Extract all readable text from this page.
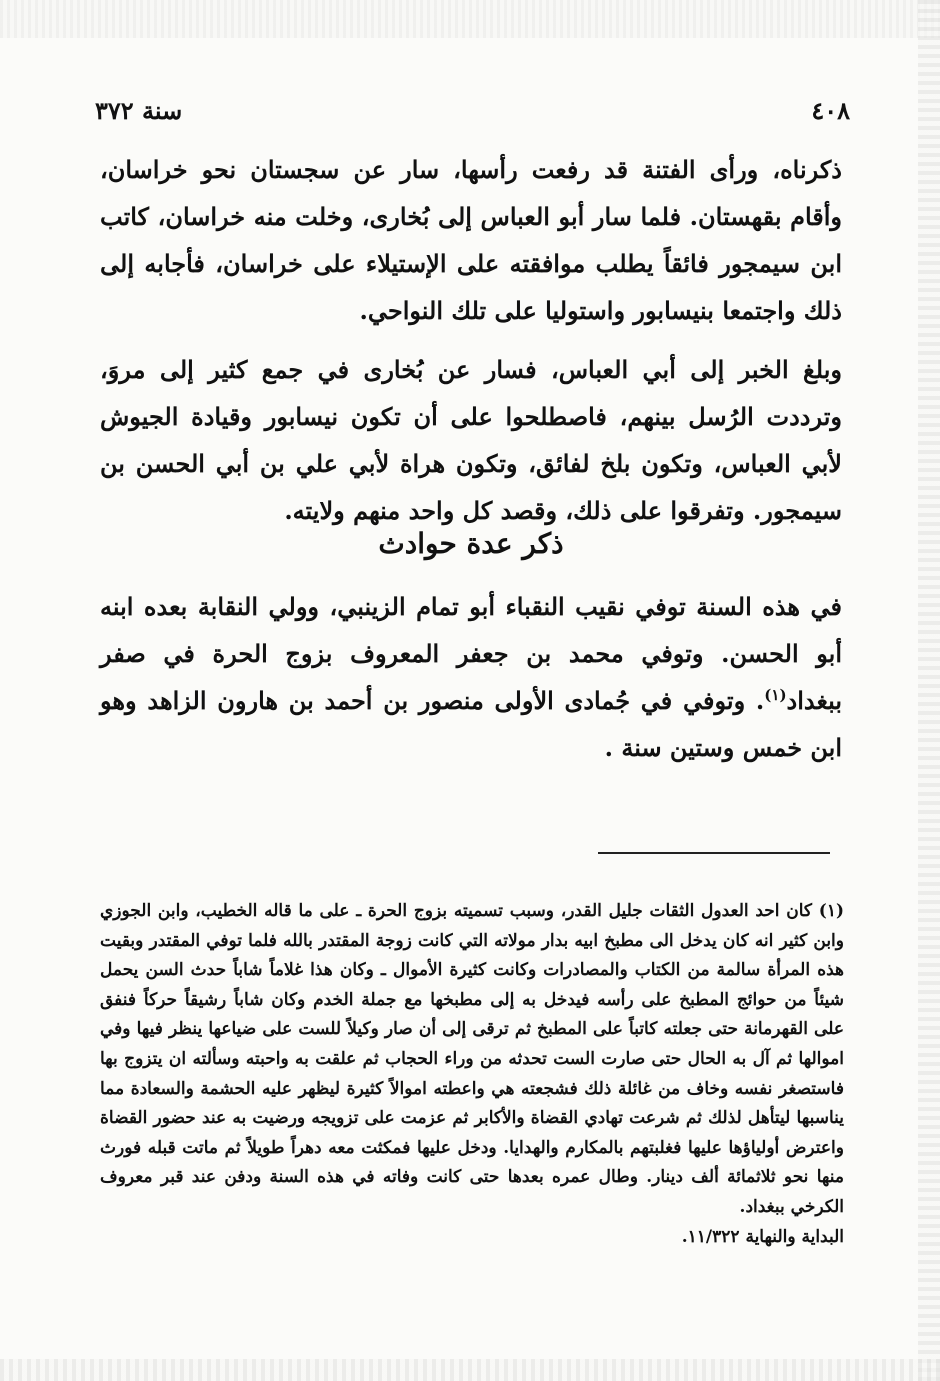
سنة ٣٧٢	٤٠٨

ذكرناه، ورأى الفتنة قد رفعت رأسها، سار عن سجستان نحو خراسان، وأقام بقهستان. فلما سار أبو العباس إلى بُخارى، وخلت منه خراسان، كاتب ابن سيمجور فائقاً يطلب موافقته على الإستيلاء على خراسان، فأجابه إلى ذلك واجتمعا بنيسابور واستوليا على تلك النواحي.

وبلغ الخبر إلى أبي العباس، فسار عن بُخارى في جمع كثير إلى مروَ، وترددت الرُسل بينهم، فاصطلحوا على أن تكون نيسابور وقيادة الجيوش لأبي العباس، وتكون بلخ لفائق، وتكون هراة لأبي علي بن أبي الحسن بن سيمجور. وتفرقوا على ذلك، وقصد كل واحد منهم ولايته.

ذكر عدة حوادث

في هذه السنة توفي نقيب النقباء أبو تمام الزينبي، وولي النقابة بعده ابنه أبو الحسن. وتوفي محمد بن جعفر المعروف بزوج الحرة في صفر ببغداد$^{(١)}$. وتوفي في جُمادى الأولى منصور بن أحمد بن هارون الزاهد وهو ابن خمس وستين سنة .

(١) كان احد العدول الثقات جليل القدر، وسبب تسميته بزوج الحرة ـ على ما قاله الخطيب، وابن الجوزي وابن كثير انه كان يدخل الى مطبخ ابيه بدار مولاته التي كانت زوجة المقتدر بالله فلما توفي المقتدر وبقيت هذه المرأة سالمة من الكتاب والمصادرات وكانت كثيرة الأموال ـ وكان هذا غلاماً شاباً حدث السن يحمل شيئاً من حوائج المطبخ على رأسه فيدخل به إلى مطبخها مع جملة الخدم وكان شاباً رشيقاً حركاً فنفق على القهرمانة حتى جعلته كاتباً على المطبخ ثم ترقى إلى أن صار وكيلاً للست على ضياعها ينظر فيها وفي اموالها ثم آل به الحال حتى صارت الست تحدثه من وراء الحجاب ثم علقت به واحبته وسألته ان يتزوج بها فاستصغر نفسه وخاف من غائلة ذلك فشجعته هي واعطته اموالاً كثيرة ليظهر عليه الحشمة والسعادة مما يناسبها ليتأهل لذلك ثم شرعت تهادي القضاة والأكابر ثم عزمت على تزويجه ورضيت به عند حضور القضاة واعترض أولياؤها عليها فغلبتهم بالمكارم والهدايا. ودخل عليها فمكثت معه دهراً طويلاً ثم ماتت قبله فورث منها نحو ثلاثمائة ألف دينار. وطال عمره بعدها حتى كانت وفاته في هذه السنة ودفن عند قبر معروف الكرخي ببغداد.

البداية والنهاية ١١/٣٢٢.
